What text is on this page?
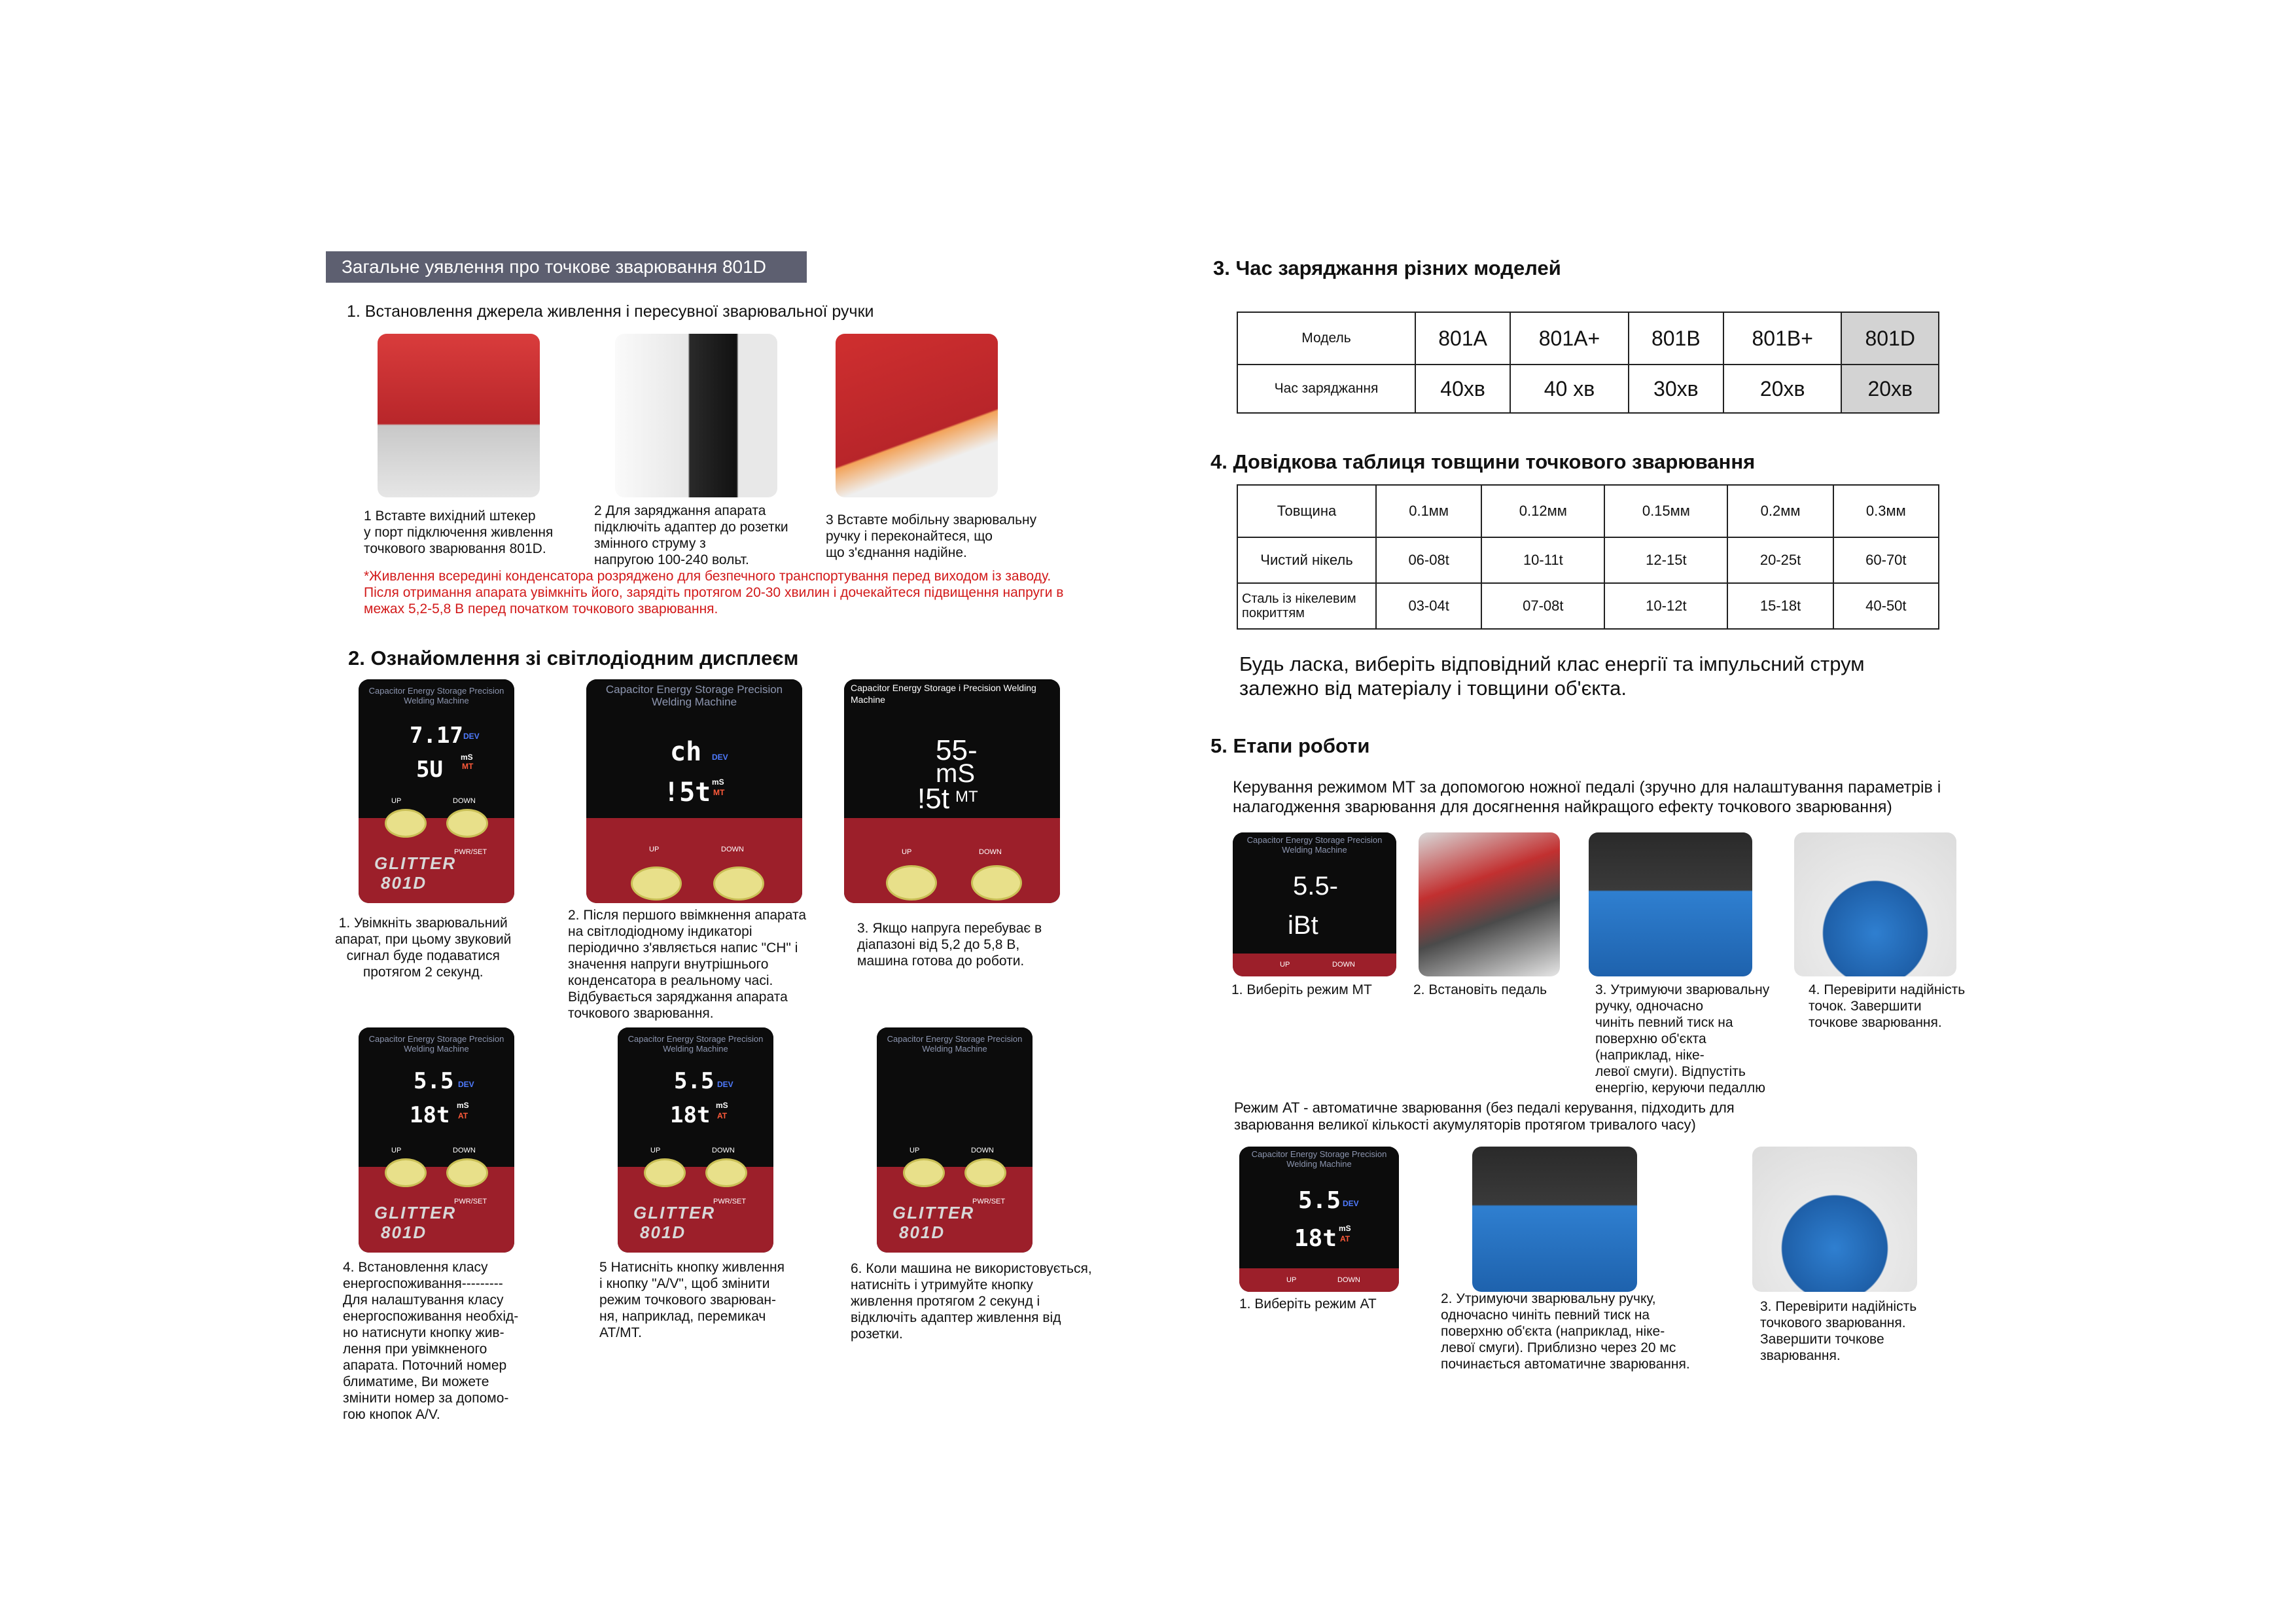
Загальне уявлення про точкове зварювання 801D
1. Встановлення джерела живлення і пересувної зварювальної ручки
1 Вставте вихідний штекер
у порт підключення живлення
точкового зварювання 801D.
2 Для заряджання апарата
підключіть адаптер до розетки
змінного струму з
напругою 100-240 вольт.
3 Вставте мобільну зварювальну
ручку і переконайтеся, що
що з'єднання надійне.
*Живлення всередині конденсатора розряджено для безпечного транспортування перед виходом із заводу. Після отримання апарата увімкніть його, зарядіть протягом 20-30 хвилин і дочекайтеся підвищення напруги в межах 5,2-5,8 В перед початком точкового зварювання.
2. Ознайомлення зі світлодіодним дисплеєм
Capacitor Energy Storage Precision Welding Machine
7.17 DEV
5U mS
MT
UP	DOWN
PWR/SET
GLITTER
801D
Capacitor Energy Storage Precision Welding Machine
ch DEV
!5t mS
MT
UP	DOWN
Capacitor Energy Storage i Precision Welding Machine
55-
mS
!5t MT
UP	DOWN
1. Увімкніть зварювальний
апарат, при цьому звуковий
сигнал буде подаватися
протягом 2 секунд.
2. Після першого ввімкнення апарата
на світлодіодному індикаторі
періодично з'являється напис "CH" і
значення напруги внутрішнього
конденсатора в реальному часі.
Відбувається заряджання апарата
точкового зварювання.
3. Якщо напруга перебуває в
діапазоні від 5,2 до 5,8 В,
машина готова до роботи.
Capacitor Energy Storage Precision Welding Machine
5.5 DEV
18t mS
AT
UP	DOWN
PWR/SET
GLITTER
801D
Capacitor Energy Storage Precision Welding Machine
5.5 DEV
18t mS
AT
UP	DOWN
PWR/SET
GLITTER
801D
Capacitor Energy Storage Precision Welding Machine
UP	DOWN
PWR/SET
GLITTER
801D
4. Встановлення класу
енергоспоживання---------
Для налаштування класу
енергоспоживання необхід-
но натиснути кнопку жив-
лення при увімкненого
апарата. Поточний номер
блиматиме, Ви можете
змінити номер за допомо-
гою кнопок A/V.
5 Натисніть кнопку живлення
і кнопку "A/V", щоб змінити
режим точкового зварюван-
ня, наприклад, перемикач
AT/MT.
6. Коли машина не використовується,
натисніть і утримуйте кнопку
живлення протягом 2 секунд і
відключіть адаптер живлення від
розетки.
3. Час заряджання різних моделей
Модель	801A	801A+	801B	801B+	801D
Час заряджання	40хв	40 хв	30хв	20хв	20хв
4. Довідкова таблиця товщини точкового зварювання
Товщина	0.1мм	0.12мм	0.15мм	0.2мм	0.3мм
Чистий нікель	06-08t	10-11t	12-15t	20-25t	60-70t
Сталь із нікелевим
покриттям	03-04t	07-08t	10-12t	15-18t	40-50t
Будь ласка, виберіть відповідний клас енергії та імпульсний струм
залежно від матеріалу і товщини об'єкта.
5. Етапи роботи
Керування режимом MT за допомогою ножної педалі (зручно для налаштування параметрів і
налагодження зварювання для досягнення найкращого ефекту точкового зварювання)
Capacitor Energy Storage Precision Welding Machine
5.5-
iBt
UP	DOWN
1. Виберіть режим MT	2. Встановіть педаль	3. Утримуючи зварювальну
ручку, одночасно
чиніть певний тиск на
поверхню об'єкта
(наприклад, ніке-
левої смуги). Відпустіть
енергію, керуючи педаллю
4. Перевірити надійність
точок. Завершити
точкове зварювання.
Режим AT - автоматичне зварювання (без педалі керування, підходить для
зварювання великої кількості акумуляторів протягом тривалого часу)
Capacitor Energy Storage Precision Welding Machine
5.5 DEV
18t mS
AT
UP	DOWN
1. Виберіть режим AT	2. Утримуючи зварювальну ручку,
одночасно чиніть певний тиск на
поверхню об'єкта (наприклад, ніке-
левої смуги). Приблизно через 20 мс
починається автоматичне зварювання.
3. Перевірити надійність
точкового зварювання.
Завершити точкове
зварювання.
